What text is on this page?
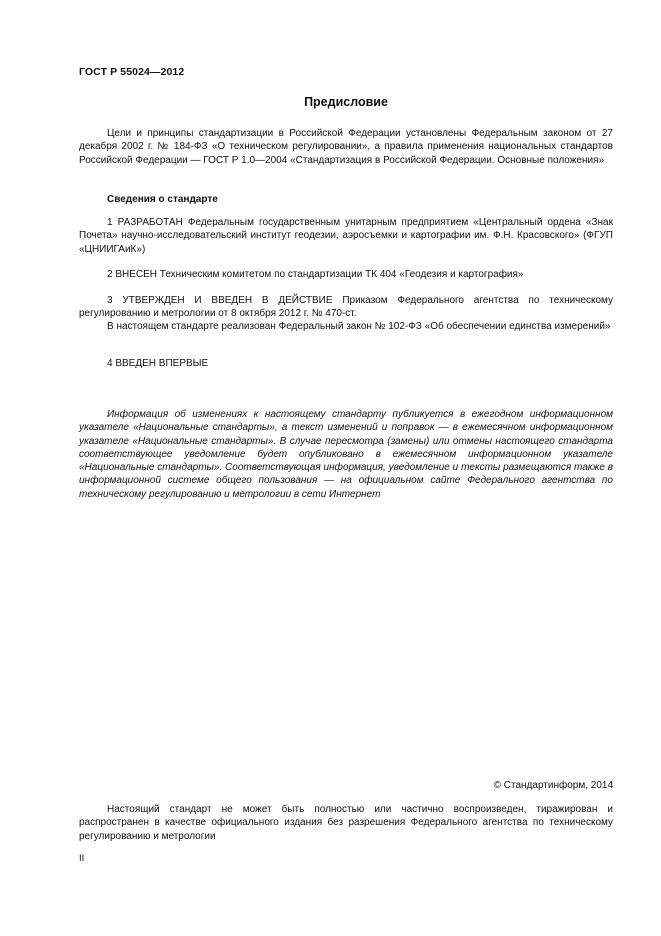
ГОСТ Р 55024—2012
Предисловие

Цели и принципы стандартизации в Российской Федерации установлены Федеральным законом от 27 декабря 2002 г. № 184-ФЗ «О техническом регулировании», а правила применения национальных стандартов Российской Федерации — ГОСТ Р 1.0—2004 «Стандартизация в Российской Федерации. Основные положения»

Сведения о стандарте

1 РАЗРАБОТАН Федеральным государственным унитарным предприятием «Центральный ордена «Знак Почета» научно-исследовательский институт геодезии, аэросъемки и картографии им. Ф.Н. Красовского» (ФГУП «ЦНИИГАиК»)

2 ВНЕСЕН Техническим комитетом по стандартизации ТК 404 «Геодезия и картография»

3 УТВЕРЖДЕН И ВВЕДЕН В ДЕЙСТВИЕ Приказом Федерального агентства по техническому регулированию и метрологии от 8 октября 2012 г. № 470-ст.

В настоящем стандарте реализован Федеральный закон № 102-ФЗ «Об обеспечении единства измерений»

4 ВВЕДЕН ВПЕРВЫЕ

Информация об изменениях к настоящему стандарту публикуется в ежегодном информационном указателе «Национальные стандарты», а текст изменений и поправок — в ежемесячном информационном указателе «Национальные стандарты». В случае пересмотра (замены) или отмены настоящего стандарта соответствующее уведомление будет опубликовано в ежемесячном информационном указателе «Национальные стандарты». Соответствующая информация, уведомление и тексты размещаются также в информационной системе общего пользования — на официальном сайте Федерального агентства по техническому регулированию и метрологии в сети Интернет

© Стандартинформ, 2014

Настоящий стандарт не может быть полностью или частично воспроизведен, тиражирован и распространен в качестве официального издания без разрешения Федерального агентства по техническому регулированию и метрологии

II
